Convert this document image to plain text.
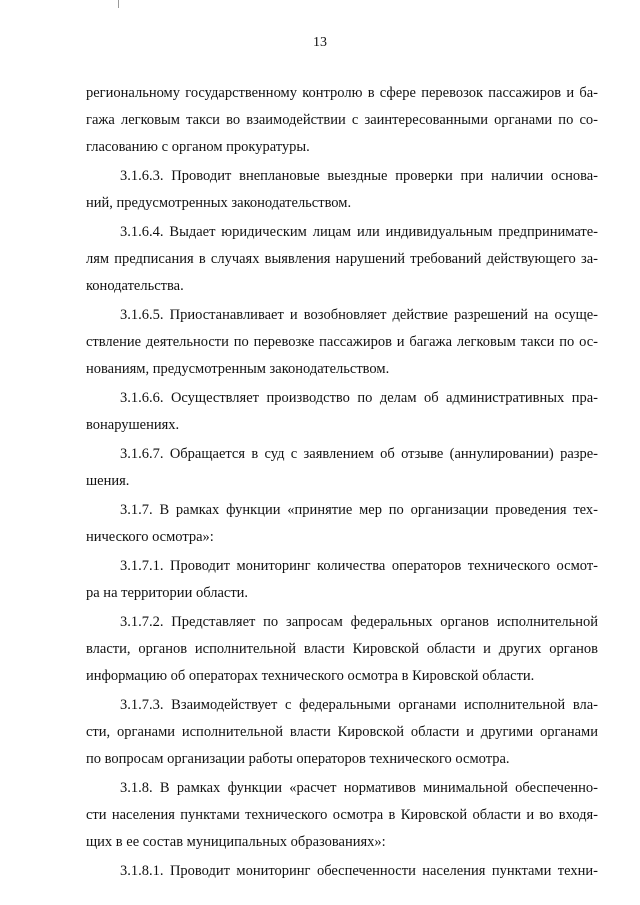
13
региональному государственному контролю в сфере перевозок пассажиров и ба-
гажа легковым такси во взаимодействии с заинтересованными органами по со-
гласованию с органом прокуратуры.
3.1.6.3. Проводит внеплановые выездные проверки при наличии основа-
ний, предусмотренных законодательством.
3.1.6.4. Выдает юридическим лицам или индивидуальным предпринимате-
лям предписания в случаях выявления нарушений требований действующего за-
конодательства.
3.1.6.5. Приостанавливает и возобновляет действие разрешений на осуще-
ствление деятельности по перевозке пассажиров и багажа легковым такси по ос-
нованиям, предусмотренным законодательством.
3.1.6.6. Осуществляет производство по делам об административных пра-
вонарушениях.
3.1.6.7. Обращается в суд с заявлением об отзыве (аннулировании) разре-
шения.
3.1.7. В рамках функции «принятие мер по организации проведения тех-
нического осмотра»:
3.1.7.1. Проводит мониторинг количества операторов технического осмот-
ра на территории области.
3.1.7.2. Представляет по запросам федеральных органов исполнительной
власти, органов исполнительной власти Кировской области и других органов
информацию об операторах технического осмотра в Кировской области.
3.1.7.3. Взаимодействует с федеральными органами исполнительной вла-
сти, органами исполнительной власти Кировской области и другими органами
по вопросам организации работы операторов технического осмотра.
3.1.8. В рамках функции «расчет нормативов минимальной обеспеченно-
сти населения пунктами технического осмотра в Кировской области и во входя-
щих в ее состав муниципальных образованиях»:
3.1.8.1. Проводит мониторинг обеспеченности населения пунктами техни-
